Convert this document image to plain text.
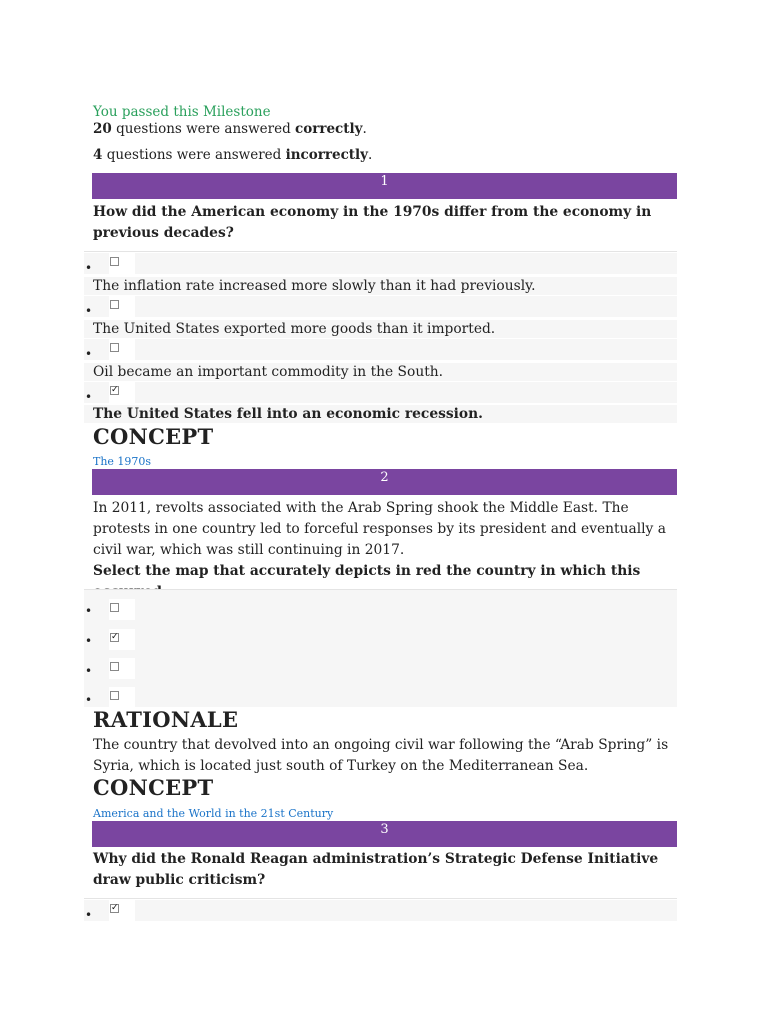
You passed this Milestone
20 questions were answered correctly.
4 questions were answered incorrectly.
1
How did the American economy in the 1970s differ from the economy in previous decades?
•
The inflation rate increased more slowly than it had previously.
•
The United States exported more goods than it imported.
•
Oil became an important commodity in the South.
• ✓
The United States fell into an economic recession.
CONCEPT
The 1970s
2
In 2011, revolts associated with the Arab Spring shook the Middle East. The protests in one country led to forceful responses by its president and eventually a civil war, which was still continuing in 2017.
Select the map that accurately depicts in red the country in which this
•
• ✓
•
•
RATIONALE
The country that devolved into an ongoing civil war following the “Arab Spring” is Syria, which is located just south of Turkey on the Mediterranean Sea.
CONCEPT
America and the World in the 21st Century
3
Why did the Ronald Reagan administration’s Strategic Defense Initiative draw public criticism?
• ✓
